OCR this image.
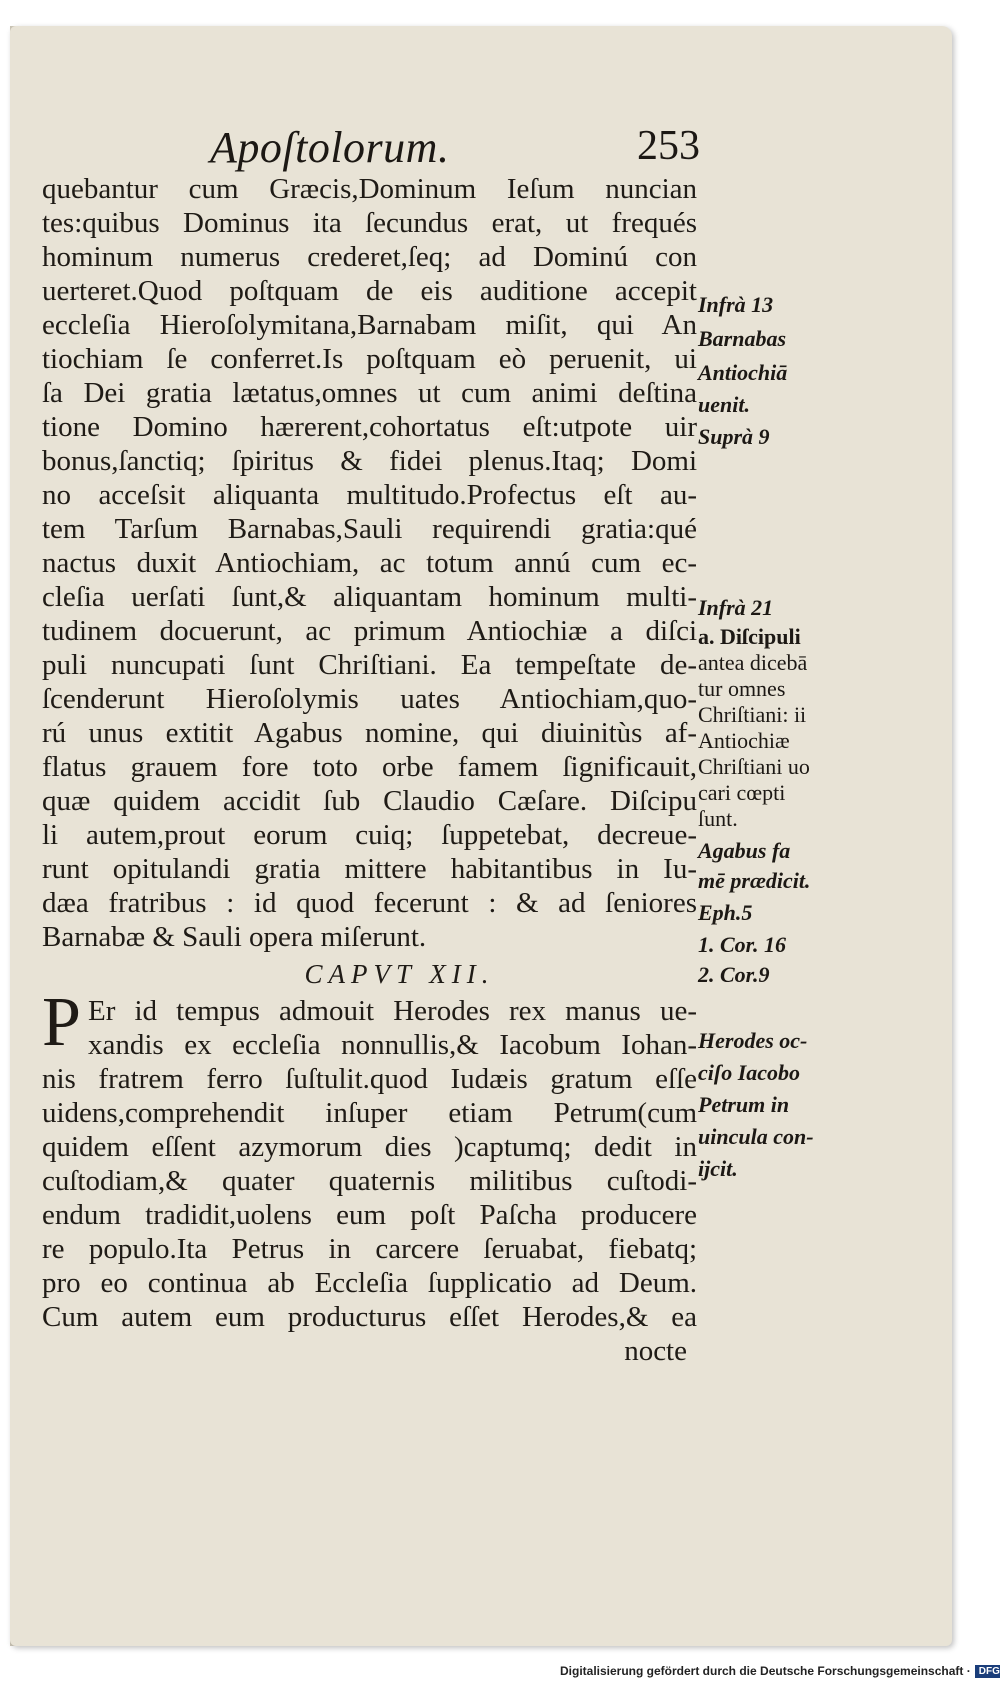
Apoſtolorum.	253
quebantur cum Græcis,Dominum Ieſum nuncian
tes:quibus Dominus ita ſecundus erat, ut frequés
hominum numerus crederet,ſeq; ad Dominú con
uerteret.Quod poſtquam de eis auditione accepit
eccleſia Hieroſolymitana,Barnabam miſit, qui An
tiochiam ſe conferret.Is poſtquam eò peruenit, ui
ſa Dei gratia lætatus,omnes ut cum animi deſtina
tione Domino hærerent,cohortatus eſt:utpote uir
bonus,ſanctiq; ſpiritus & fidei plenus.Itaq; Domi
no acceſsit aliquanta multitudo.Profectus eſt au-
tem Tarſum Barnabas,Sauli requirendi gratia:qué
nactus duxit Antiochiam, ac totum annú cum ec-
cleſia uerſati ſunt,& aliquantam hominum multi-
tudinem docuerunt, ac primum Antiochiæ a diſci
puli nuncupati ſunt Chriſtiani. Ea tempeſtate de-
ſcenderunt Hieroſolymis uates Antiochiam,quo-
rú unus extitit Agabus nomine, qui diuinitùs af-
flatus grauem fore toto orbe famem ſignificauit,
quæ quidem accidit ſub Claudio Cæſare. Diſcipu
li autem,prout eorum cuiq; ſuppetebat, decreue-
runt opitulandi gratia mittere habitantibus in Iu-
dæa fratribus : id quod fecerunt : & ad ſeniores
Barnabæ & Sauli opera miſerunt.
CAPVT XII.
P Er id tempus admouit Herodes rex manus ue-
xandis ex eccleſia nonnullis,& Iacobum Iohan-
nis fratrem ferro ſuſtulit.quod Iudæis gratum eſſe
uidens,comprehendit inſuper etiam Petrum(cum
quidem eſſent azymorum dies )captumq; dedit in
cuſtodiam,& quater quaternis militibus cuſtodi-
endum tradidit,uolens eum poſt Paſcha producere
re populo.Ita Petrus in carcere ſeruabat, fiebatq;
pro eo continua ab Eccleſia ſupplicatio ad Deum.
Cum autem eum producturus eſſet Herodes,& ea
nocte
Infrà 13
Barnabas
Antiochiā
uenit.
Suprà 9
Infrà 21
a. Diſcipuli
antea dicebā
tur omnes
Chriſtiani: ii
Antiochiæ
Chriſtiani uo
cari cœpti
ſunt.
Agabus fa
mē prædicit.
Eph.5
1. Cor. 16
2. Cor.9
Herodes oc-
ciſo Iacobo
Petrum in
uincula con-
ijcit.
Digitalisierung gefördert durch die Deutsche Forschungsgemeinschaft · DFG
